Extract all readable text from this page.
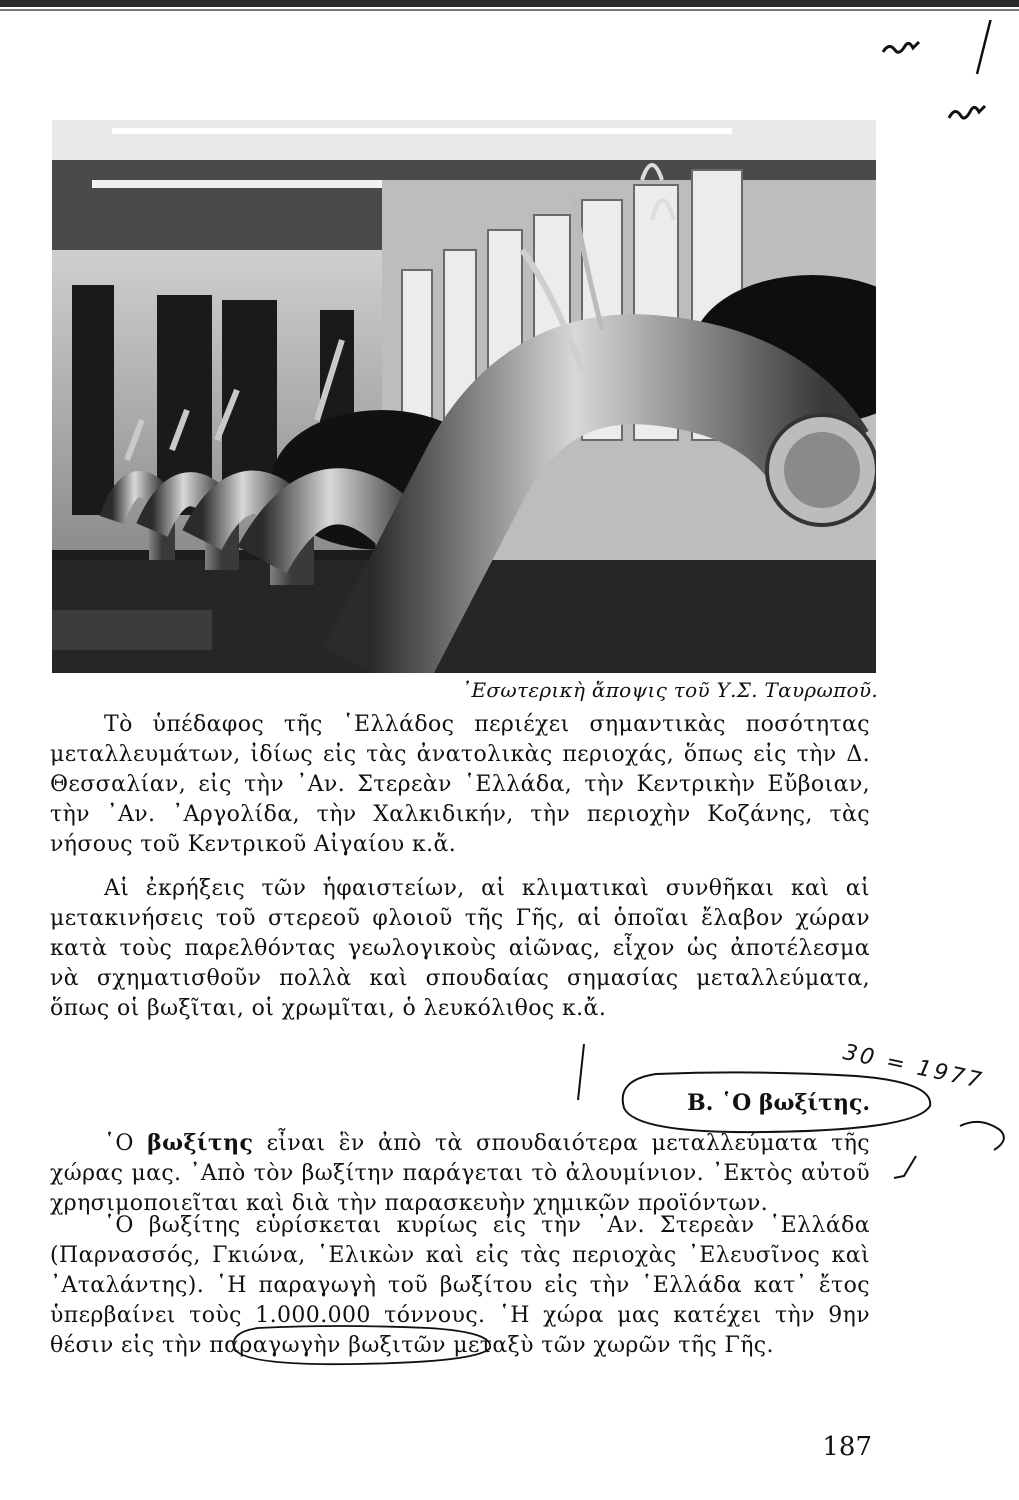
᾿Εσωτερικὴ ἄποψις τοῦ Υ.Σ. Ταυρωποῦ.

Τὸ ὑπέδαφος τῆς ῾Ελλάδος περιέχει σημαντικὰς ποσότητας μεταλλευμάτων, ἰδίως εἰς τὰς ἀνατολικὰς περιοχάς, ὅπως εἰς τὴν Δ. Θεσσαλίαν, εἰς τὴν ᾿Αν. Στερεὰν ῾Ελλάδα, τὴν Κεντρικὴν Εὔβοιαν, τὴν ᾿Αν. ᾿Αργολίδα, τὴν Χαλκιδικήν, τὴν περιοχὴν Κοζάνης, τὰς νήσους τοῦ Κεντρικοῦ Αἰγαίου κ.ἄ.

Αἱ ἐκρήξεις τῶν ἡφαιστείων, αἱ κλιματικαὶ συνθῆκαι καὶ αἱ μετακινήσεις τοῦ στερεοῦ φλοιοῦ τῆς Γῆς, αἱ ὁποῖαι ἔλαβον χώραν κατὰ τοὺς παρελθόντας γεωλογικοὺς αἰῶνας, εἶχον ὡς ἀποτέλεσμα νὰ σχηματισθοῦν πολλὰ καὶ σπουδαίας σημασίας μεταλλεύματα, ὅπως οἱ βωξῖται, οἱ χρωμῖται, ὁ λευκόλιθος κ.ἄ.

Β. ῾Ο βωξίτης.
30 = 1977

῾Ο βωξίτης εἶναι ἓν ἀπὸ τὰ σπουδαιότερα μεταλλεύματα τῆς χώρας μας. ᾿Απὸ τὸν βωξίτην παράγεται τὸ ἀλουμίνιον. ᾿Εκτὸς αὐτοῦ χρησιμοποιεῖται καὶ διὰ τὴν παρασκευὴν χημικῶν προϊόντων.

῾Ο βωξίτης εὑρίσκεται κυρίως εἰς τὴν ᾿Αν. Στερεὰν ῾Ελλάδα (Παρνασσός, Γκιώνα, ῾Ελικὼν καὶ εἰς τὰς περιοχὰς ᾿Ελευσῖνος καὶ ᾿Αταλάντης). ῾Η παραγωγὴ τοῦ βωξίτου εἰς τὴν ῾Ελλάδα κατ᾿ ἔτος ὑπερβαίνει τοὺς 1.000.000 τόννους. ῾Η χώρα μας κατέχει τὴν 9ην θέσιν εἰς τὴν παραγωγὴν βωξιτῶν μεταξὺ τῶν χωρῶν τῆς Γῆς.

187
